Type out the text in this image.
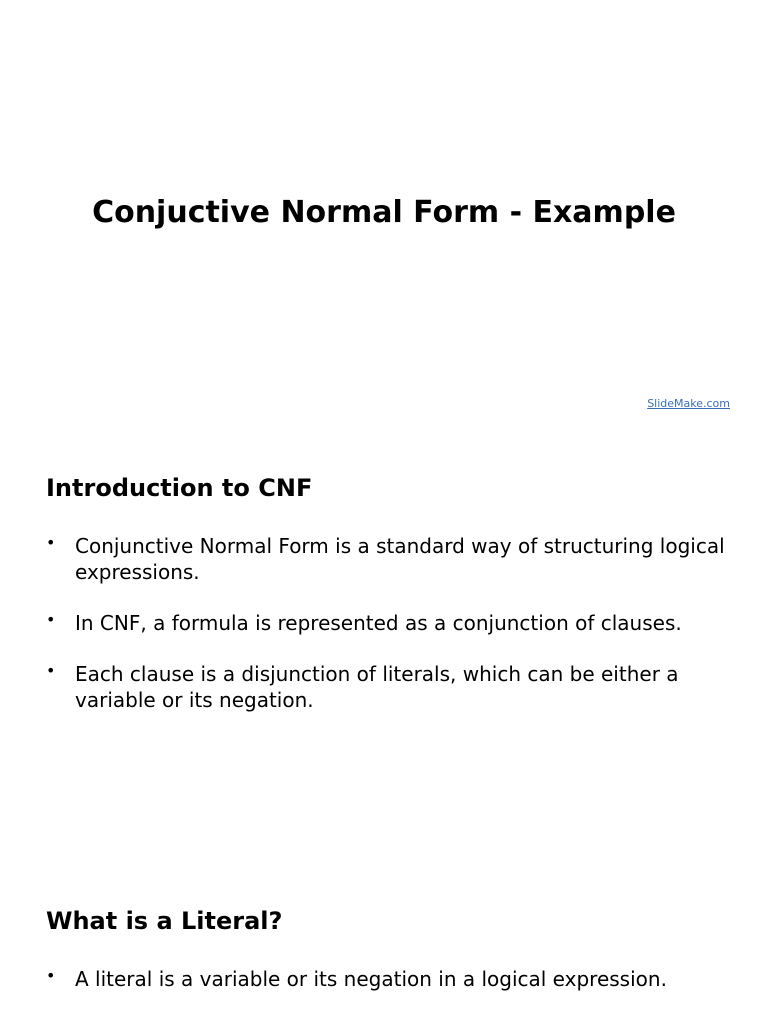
Conjuctive Normal Form - Example
SlideMake.com
Introduction to CNF
• Conjunctive Normal Form is a standard way of structuring logical expressions.
• In CNF, a formula is represented as a conjunction of clauses.
• Each clause is a disjunction of literals, which can be either a variable or its negation.
What is a Literal?
• A literal is a variable or its negation in a logical expression.
